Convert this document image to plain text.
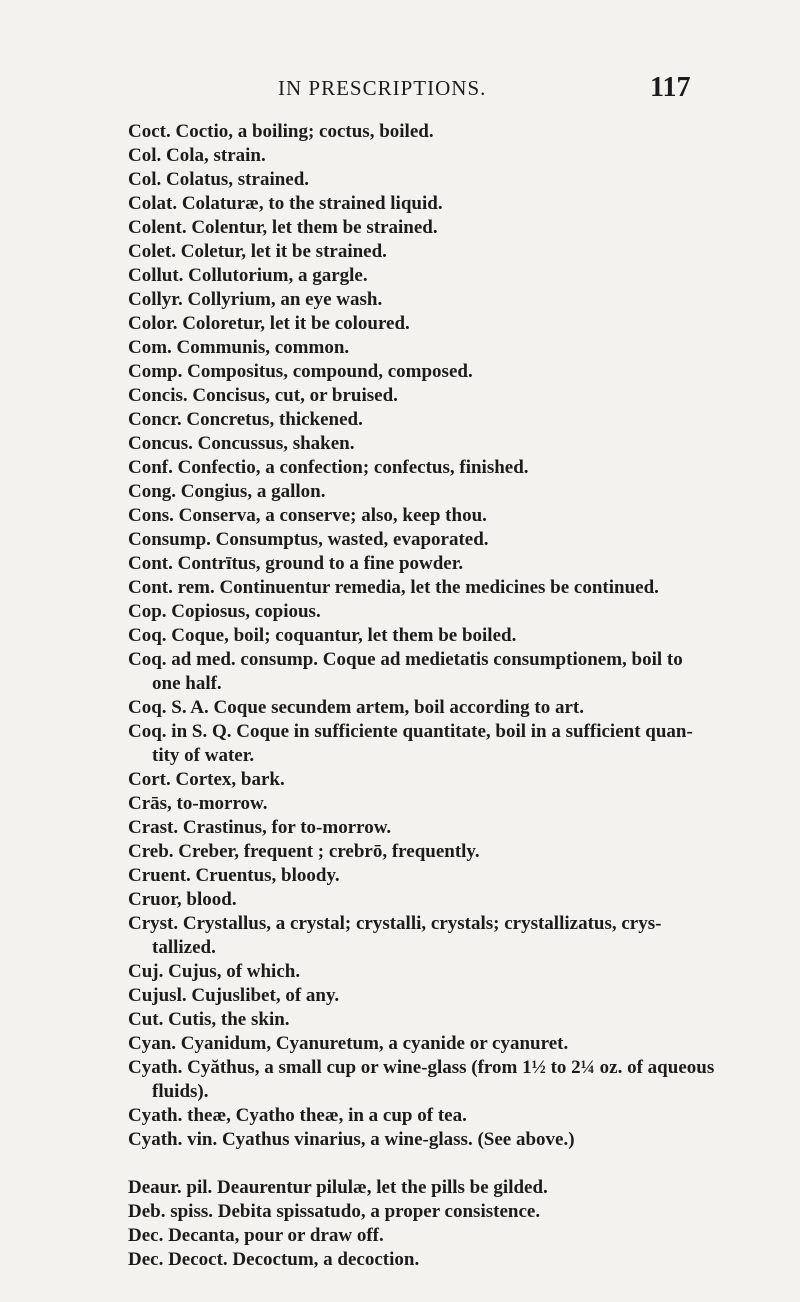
IN PRESCRIPTIONS.	117
Coct. Coctio, a boiling; coctus, boiled.
Col. Cola, strain.
Col. Colatus, strained.
Colat. Colaturæ, to the strained liquid.
Colent. Colentur, let them be strained.
Colet. Coletur, let it be strained.
Collut. Collutorium, a gargle.
Collyr. Collyrium, an eye wash.
Color. Coloretur, let it be coloured.
Com. Communis, common.
Comp. Compositus, compound, composed.
Concis. Concisus, cut, or bruised.
Concr. Concretus, thickened.
Concus. Concussus, shaken.
Conf. Confectio, a confection; confectus, finished.
Cong. Congius, a gallon.
Cons. Conserva, a conserve; also, keep thou.
Consump. Consumptus, wasted, evaporated.
Cont. Contrītus, ground to a fine powder.
Cont. rem. Continuentur remedia, let the medicines be continued.
Cop. Copiosus, copious.
Coq. Coque, boil; coquantur, let them be boiled.
Coq. ad med. consump. Coque ad medietatis consumptionem, boil to
one half.
Coq. S. A. Coque secundem artem, boil according to art.
Coq. in S. Q. Coque in sufficiente quantitate, boil in a sufficient quan-
tity of water.
Cort. Cortex, bark.
Crās, to-morrow.
Crast. Crastinus, for to-morrow.
Creb. Creber, frequent ; crebrō, frequently.
Cruent. Cruentus, bloody.
Cruor, blood.
Cryst. Crystallus, a crystal; crystalli, crystals; crystallizatus, crys-
tallized.
Cuj. Cujus, of which.
Cujusl. Cujuslibet, of any.
Cut. Cutis, the skin.
Cyan. Cyanidum, Cyanuretum, a cyanide or cyanuret.
Cyath. Cyăthus, a small cup or wine-glass (from 1½ to 2¼ oz. of aqueous
fluids).
Cyath. theæ, Cyatho theæ, in a cup of tea.
Cyath. vin. Cyathus vinarius, a wine-glass. (See above.)
Deaur. pil. Deaurentur pilulæ, let the pills be gilded.
Deb. spiss. Debita spissatudo, a proper consistence.
Dec. Decanta, pour or draw off.
Dec. Decoct. Decoctum, a decoction.
